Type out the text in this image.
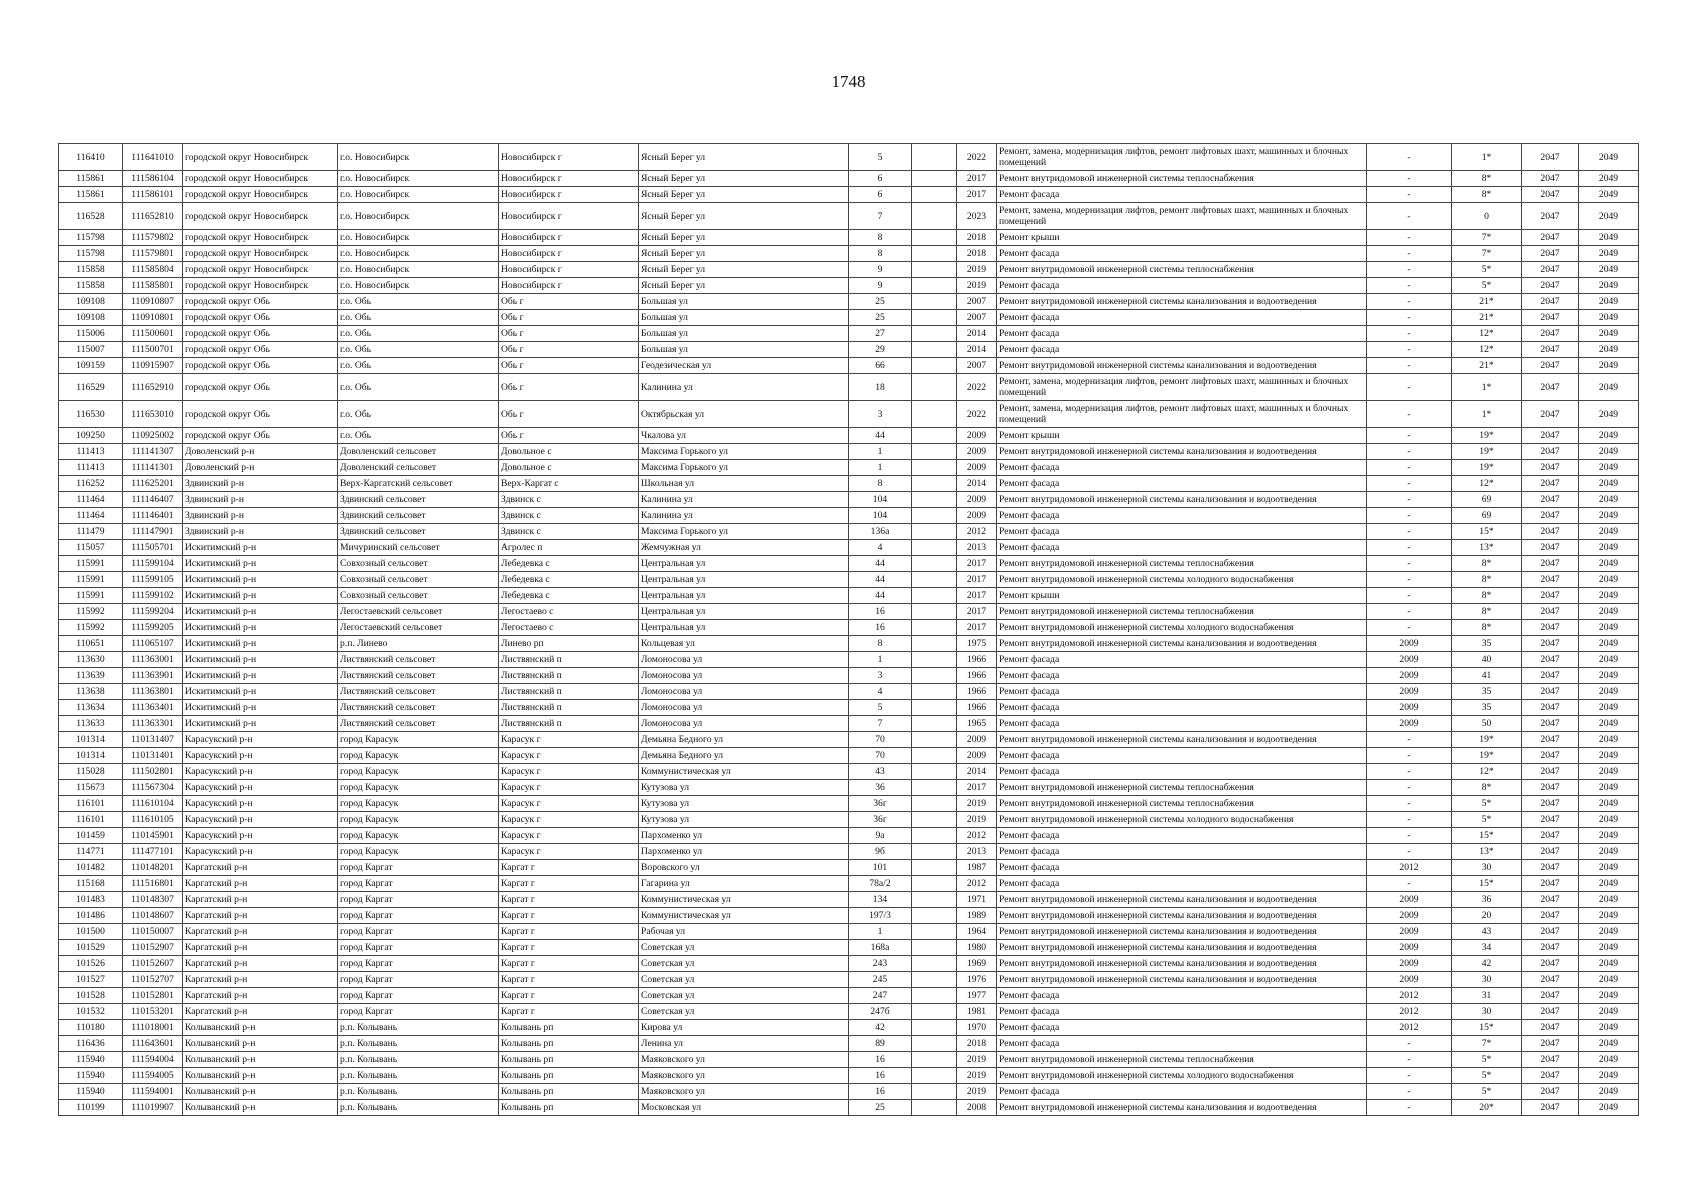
1748
116410	111641010	городской округ Новосибирск	г.о. Новосибирск	Новосибирск г	Ясный Берег ул	5		2022	Ремонт, замена, модернизация лифтов, ремонт лифтовых шахт, машинных и блочных помещений	-	1*	2047	2049
115861	111586104	городской округ Новосибирск	г.о. Новосибирск	Новосибирск г	Ясный Берег ул	6		2017	Ремонт внутридомовой инженерной системы теплоснабжения	-	8*	2047	2049
115861	111586101	городской округ Новосибирск	г.о. Новосибирск	Новосибирск г	Ясный Берег ул	6		2017	Ремонт фасада	-	8*	2047	2049
116528	111652810	городской округ Новосибирск	г.о. Новосибирск	Новосибирск г	Ясный Берег ул	7		2023	Ремонт, замена, модернизация лифтов, ремонт лифтовых шахт, машинных и блочных помещений	-	0	2047	2049
115798	111579802	городской округ Новосибирск	г.о. Новосибирск	Новосибирск г	Ясный Берег ул	8		2018	Ремонт крыши	-	7*	2047	2049
115798	111579801	городской округ Новосибирск	г.о. Новосибирск	Новосибирск г	Ясный Берег ул	8		2018	Ремонт фасада	-	7*	2047	2049
115858	111585804	городской округ Новосибирск	г.о. Новосибирск	Новосибирск г	Ясный Берег ул	9		2019	Ремонт внутридомовой инженерной системы теплоснабжения	-	5*	2047	2049
115858	111585801	городской округ Новосибирск	г.о. Новосибирск	Новосибирск г	Ясный Берег ул	9		2019	Ремонт фасада	-	5*	2047	2049
109108	110910807	городской округ Обь	г.о. Обь	Обь г	Большая ул	25		2007	Ремонт внутридомовой инженерной системы канализования и водоотведения	-	21*	2047	2049
109108	110910801	городской округ Обь	г.о. Обь	Обь г	Большая ул	25		2007	Ремонт фасада	-	21*	2047	2049
115006	111500601	городской округ Обь	г.о. Обь	Обь г	Большая ул	27		2014	Ремонт фасада	-	12*	2047	2049
115007	111500701	городской округ Обь	г.о. Обь	Обь г	Большая ул	29		2014	Ремонт фасада	-	12*	2047	2049
109159	110915907	городской округ Обь	г.о. Обь	Обь г	Геодезическая ул	66		2007	Ремонт внутридомовой инженерной системы канализования и водоотведения	-	21*	2047	2049
116529	111652910	городской округ Обь	г.о. Обь	Обь г	Калинина ул	18		2022	Ремонт, замена, модернизация лифтов, ремонт лифтовых шахт, машинных и блочных помещений	-	1*	2047	2049
116530	111653010	городской округ Обь	г.о. Обь	Обь г	Октябрьская ул	3		2022	Ремонт, замена, модернизация лифтов, ремонт лифтовых шахт, машинных и блочных помещений	-	1*	2047	2049
109250	110925002	городской округ Обь	г.о. Обь	Обь г	Чкалова ул	44		2009	Ремонт крыши	-	19*	2047	2049
111413	111141307	Доволенский р-н	Доволенский сельсовет	Довольное с	Максима Горького ул	1		2009	Ремонт внутридомовой инженерной системы канализования и водоотведения	-	19*	2047	2049
111413	111141301	Доволенский р-н	Доволенский сельсовет	Довольное с	Максима Горького ул	1		2009	Ремонт фасада	-	19*	2047	2049
116252	111625201	Здвинский р-н	Верх-Каргатский сельсовет	Верх-Каргат с	Школьная ул	8		2014	Ремонт фасада	-	12*	2047	2049
111464	111146407	Здвинский р-н	Здвинский сельсовет	Здвинск с	Калинина ул	104		2009	Ремонт внутридомовой инженерной системы канализования и водоотведения	-	69	2047	2049
111464	111146401	Здвинский р-н	Здвинский сельсовет	Здвинск с	Калинина ул	104		2009	Ремонт фасада	-	69	2047	2049
111479	111147901	Здвинский р-н	Здвинский сельсовет	Здвинск с	Максима Горького ул	136а		2012	Ремонт фасада	-	15*	2047	2049
115057	111505701	Искитимский р-н	Мичуринский сельсовет	Агролес п	Жемчужная ул	4		2013	Ремонт фасада	-	13*	2047	2049
115991	111599104	Искитимский р-н	Совхозный сельсовет	Лебедевка с	Центральная ул	44		2017	Ремонт внутридомовой инженерной системы теплоснабжения	-	8*	2047	2049
115991	111599105	Искитимский р-н	Совхозный сельсовет	Лебедевка с	Центральная ул	44		2017	Ремонт внутридомовой инженерной системы холодного водоснабжения	-	8*	2047	2049
115991	111599102	Искитимский р-н	Совхозный сельсовет	Лебедевка с	Центральная ул	44		2017	Ремонт крыши	-	8*	2047	2049
115992	111599204	Искитимский р-н	Легостаевский сельсовет	Легостаево с	Центральная ул	16		2017	Ремонт внутридомовой инженерной системы теплоснабжения	-	8*	2047	2049
115992	111599205	Искитимский р-н	Легостаевский сельсовет	Легостаево с	Центральная ул	16		2017	Ремонт внутридомовой инженерной системы холодного водоснабжения	-	8*	2047	2049
110651	111065107	Искитимский р-н	р.п. Линево	Линево рп	Кольцевая ул	8		1975	Ремонт внутридомовой инженерной системы канализования и водоотведения	2009	35	2047	2049
113630	111363001	Искитимский р-н	Листвянский сельсовет	Листвянский п	Ломоносова ул	1		1966	Ремонт фасада	2009	40	2047	2049
113639	111363901	Искитимский р-н	Листвянский сельсовет	Листвянский п	Ломоносова ул	3		1966	Ремонт фасада	2009	41	2047	2049
113638	111363801	Искитимский р-н	Листвянский сельсовет	Листвянский п	Ломоносова ул	4		1966	Ремонт фасада	2009	35	2047	2049
113634	111363401	Искитимский р-н	Листвянский сельсовет	Листвянский п	Ломоносова ул	5		1966	Ремонт фасада	2009	35	2047	2049
113633	111363301	Искитимский р-н	Листвянский сельсовет	Листвянский п	Ломоносова ул	7		1965	Ремонт фасада	2009	50	2047	2049
101314	110131407	Карасукский р-н	город Карасук	Карасук г	Демьяна Бедного ул	70		2009	Ремонт внутридомовой инженерной системы канализования и водоотведения	-	19*	2047	2049
101314	110131401	Карасукский р-н	город Карасук	Карасук г	Демьяна Бедного ул	70		2009	Ремонт фасада	-	19*	2047	2049
115028	111502801	Карасукский р-н	город Карасук	Карасук г	Коммунистическая ул	43		2014	Ремонт фасада	-	12*	2047	2049
115673	111567304	Карасукский р-н	город Карасук	Карасук г	Кутузова ул	36		2017	Ремонт внутридомовой инженерной системы теплоснабжения	-	8*	2047	2049
116101	111610104	Карасукский р-н	город Карасук	Карасук г	Кутузова ул	36г		2019	Ремонт внутридомовой инженерной системы теплоснабжения	-	5*	2047	2049
116101	111610105	Карасукский р-н	город Карасук	Карасук г	Кутузова ул	36г		2019	Ремонт внутридомовой инженерной системы холодного водоснабжения	-	5*	2047	2049
101459	110145901	Карасукский р-н	город Карасук	Карасук г	Пархоменко ул	9а		2012	Ремонт фасада	-	15*	2047	2049
114771	111477101	Карасукский р-н	город Карасук	Карасук г	Пархоменко ул	9б		2013	Ремонт фасада	-	13*	2047	2049
101482	110148201	Каргатский р-н	город Каргат	Каргат г	Воровского ул	101		1987	Ремонт фасада	2012	30	2047	2049
115168	111516801	Каргатский р-н	город Каргат	Каргат г	Гагарина ул	78а/2		2012	Ремонт фасада	-	15*	2047	2049
101483	110148307	Каргатский р-н	город Каргат	Каргат г	Коммунистическая ул	134		1971	Ремонт внутридомовой инженерной системы канализования и водоотведения	2009	36	2047	2049
101486	110148607	Каргатский р-н	город Каргат	Каргат г	Коммунистическая ул	197/3		1989	Ремонт внутридомовой инженерной системы канализования и водоотведения	2009	20	2047	2049
101500	110150007	Каргатский р-н	город Каргат	Каргат г	Рабочая ул	1		1964	Ремонт внутридомовой инженерной системы канализования и водоотведения	2009	43	2047	2049
101529	110152907	Каргатский р-н	город Каргат	Каргат г	Советская ул	168а		1980	Ремонт внутридомовой инженерной системы канализования и водоотведения	2009	34	2047	2049
101526	110152607	Каргатский р-н	город Каргат	Каргат г	Советская ул	243		1969	Ремонт внутридомовой инженерной системы канализования и водоотведения	2009	42	2047	2049
101527	110152707	Каргатский р-н	город Каргат	Каргат г	Советская ул	245		1976	Ремонт внутридомовой инженерной системы канализования и водоотведения	2009	30	2047	2049
101528	110152801	Каргатский р-н	город Каргат	Каргат г	Советская ул	247		1977	Ремонт фасада	2012	31	2047	2049
101532	110153201	Каргатский р-н	город Каргат	Каргат г	Советская ул	247б		1981	Ремонт фасада	2012	30	2047	2049
110180	111018001	Колыванский р-н	р.п. Колывань	Колывань рп	Кирова ул	42		1970	Ремонт фасада	2012	15*	2047	2049
116436	111643601	Колыванский р-н	р.п. Колывань	Колывань рп	Ленина ул	89		2018	Ремонт фасада	-	7*	2047	2049
115940	111594004	Колыванский р-н	р.п. Колывань	Колывань рп	Маяковского ул	16		2019	Ремонт внутридомовой инженерной системы теплоснабжения	-	5*	2047	2049
115940	111594005	Колыванский р-н	р.п. Колывань	Колывань рп	Маяковского ул	16		2019	Ремонт внутридомовой инженерной системы холодного водоснабжения	-	5*	2047	2049
115940	111594001	Колыванский р-н	р.п. Колывань	Колывань рп	Маяковского ул	16		2019	Ремонт фасада	-	5*	2047	2049
110199	111019907	Колыванский р-н	р.п. Колывань	Колывань рп	Московская ул	25		2008	Ремонт внутридомовой инженерной системы канализования и водоотведения	-	20*	2047	2049
